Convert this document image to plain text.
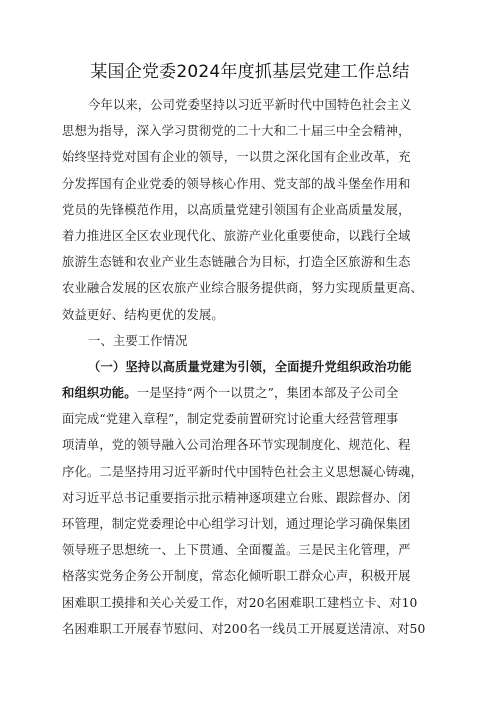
某国企党委2024年度抓基层党建工作总结
今年以来，公司党委坚持以习近平新时代中国特色社会主义
思想为指导，深入学习贯彻党的二十大和二十届三中全会精神，
始终坚持党对国有企业的领导，一以贯之深化国有企业改革，充
分发挥国有企业党委的领导核心作用、党支部的战斗堡垒作用和
党员的先锋模范作用，以高质量党建引领国有企业高质量发展，
着力推进区全区农业现代化、旅游产业化重要使命，以践行全域
旅游生态链和农业产业生态链融合为目标，打造全区旅游和生态
农业融合发展的区农旅产业综合服务提供商，努力实现质量更高、
效益更好、结构更优的发展。
一、主要工作情况
（一）坚持以高质量党建为引领，全面提升党组织政治功能
和组织功能。一是坚持“两个一以贯之”，集团本部及子公司全
面完成“党建入章程”，制定党委前置研究讨论重大经营管理事
项清单，党的领导融入公司治理各环节实现制度化、规范化、程
序化。二是坚持用习近平新时代中国特色社会主义思想凝心铸魂，
对习近平总书记重要指示批示精神逐项建立台账、跟踪督办、闭
环管理，制定党委理论中心组学习计划，通过理论学习确保集团
领导班子思想统一、上下贯通、全面覆盖。三是民主化管理，严
格落实党务企务公开制度，常态化倾听职工群众心声，积极开展
困难职工摸排和关心关爱工作，对20名困难职工建档立卡、对10
名困难职工开展春节慰问、对200名一线员工开展夏送清凉、对50
